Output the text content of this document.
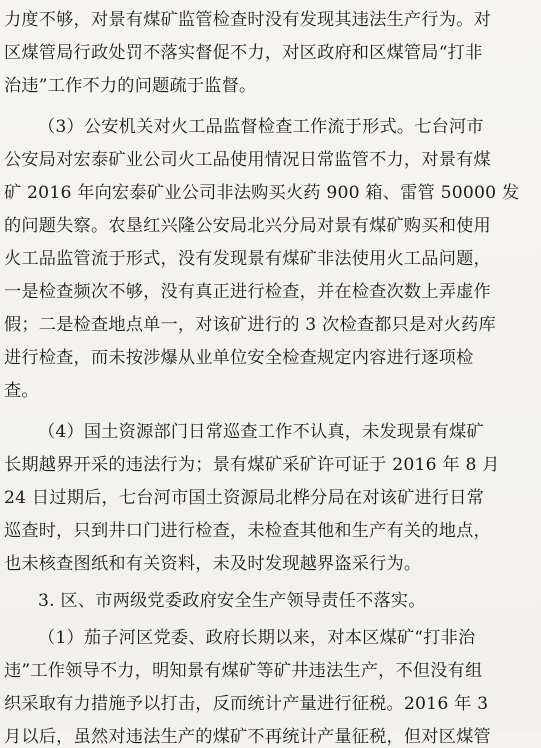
力度不够，对景有煤矿监管检查时没有发现其违法生产行为。对
区煤管局行政处罚不落实督促不力，对区政府和区煤管局“打非
治违”工作不力的问题疏于监督。
（3）公安机关对火工品监督检查工作流于形式。七台河市
公安局对宏泰矿业公司火工品使用情况日常监管不力，对景有煤
矿 2016 年向宏泰矿业公司非法购买火药 900 箱、雷管 50000 发
的问题失察。农垦红兴隆公安局北兴分局对景有煤矿购买和使用
火工品监管流于形式，没有发现景有煤矿非法使用火工品问题，
一是检查频次不够，没有真正进行检查，并在检查次数上弄虚作
假；二是检查地点单一，对该矿进行的 3 次检查都只是对火药库
进行检查，而未按涉爆从业单位安全检查规定内容进行逐项检
查。
（4）国土资源部门日常巡查工作不认真，未发现景有煤矿
长期越界开采的违法行为；景有煤矿采矿许可证于 2016 年 8 月
24 日过期后，七台河市国土资源局北桦分局在对该矿进行日常
巡查时，只到井口门进行检查，未检查其他和生产有关的地点，
也未核查图纸和有关资料，未及时发现越界盗采行为。
3. 区、市两级党委政府安全生产领导责任不落实。
（1）茄子河区党委、政府长期以来，对本区煤矿“打非治
违”工作领导不力，明知景有煤矿等矿井违法生产，不但没有组
织采取有力措施予以打击，反而统计产量进行征税。2016 年 3
月以后，虽然对违法生产的煤矿不再统计产量征税，但对区煤管
